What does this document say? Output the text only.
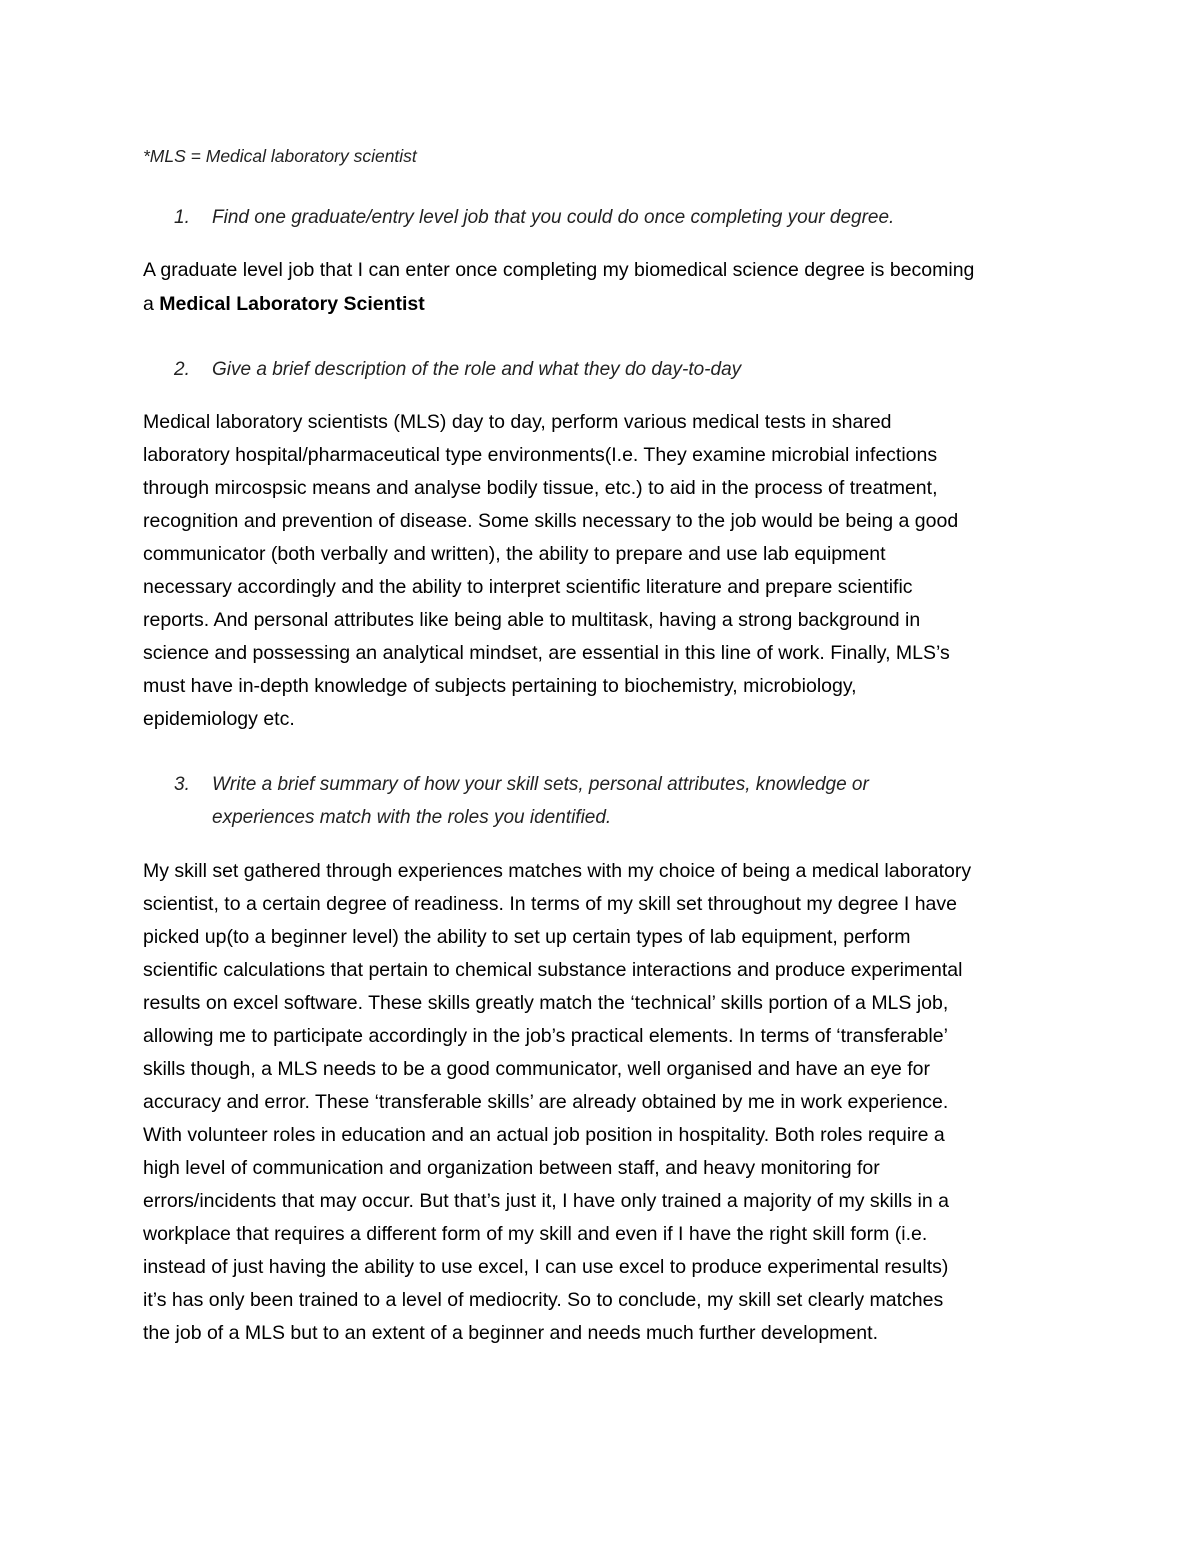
*MLS = Medical laboratory scientist
1. Find one graduate/entry level job that you could do once completing your degree.
A graduate level job that I can enter once completing my biomedical science degree is becoming
a Medical Laboratory Scientist
2. Give a brief description of the role and what they do day-to-day
Medical laboratory scientists (MLS) day to day, perform various medical tests in shared
laboratory hospital/pharmaceutical type environments(I.e. They examine microbial infections
through mircospsic means and analyse bodily tissue, etc.) to aid in the process of treatment,
recognition and prevention of disease. Some skills necessary to the job would be being a good
communicator (both verbally and written), the ability to prepare and use lab equipment
necessary accordingly and the ability to interpret scientific literature and prepare scientific
reports. And personal attributes like being able to multitask, having a strong background in
science and possessing an analytical mindset, are essential in this line of work. Finally, MLS’s
must have in-depth knowledge of subjects pertaining to biochemistry, microbiology,
epidemiology etc.
3. Write a brief summary of how your skill sets, personal attributes, knowledge or
experiences match with the roles you identified.
My skill set gathered through experiences matches with my choice of being a medical laboratory
scientist, to a certain degree of readiness. In terms of my skill set throughout my degree I have
picked up(to a beginner level) the ability to set up certain types of lab equipment, perform
scientific calculations that pertain to chemical substance interactions and produce experimental
results on excel software. These skills greatly match the ‘technical’ skills portion of a MLS job,
allowing me to participate accordingly in the job’s practical elements. In terms of ‘transferable’
skills though, a MLS needs to be a good communicator, well organised and have an eye for
accuracy and error. These ‘transferable skills’ are already obtained by me in work experience.
With volunteer roles in education and an actual job position in hospitality. Both roles require a
high level of communication and organization between staff, and heavy monitoring for
errors/incidents that may occur. But that’s just it, I have only trained a majority of my skills in a
workplace that requires a different form of my skill and even if I have the right skill form (i.e.
instead of just having the ability to use excel, I can use excel to produce experimental results)
it’s has only been trained to a level of mediocrity. So to conclude, my skill set clearly matches
the job of a MLS but to an extent of a beginner and needs much further development.
